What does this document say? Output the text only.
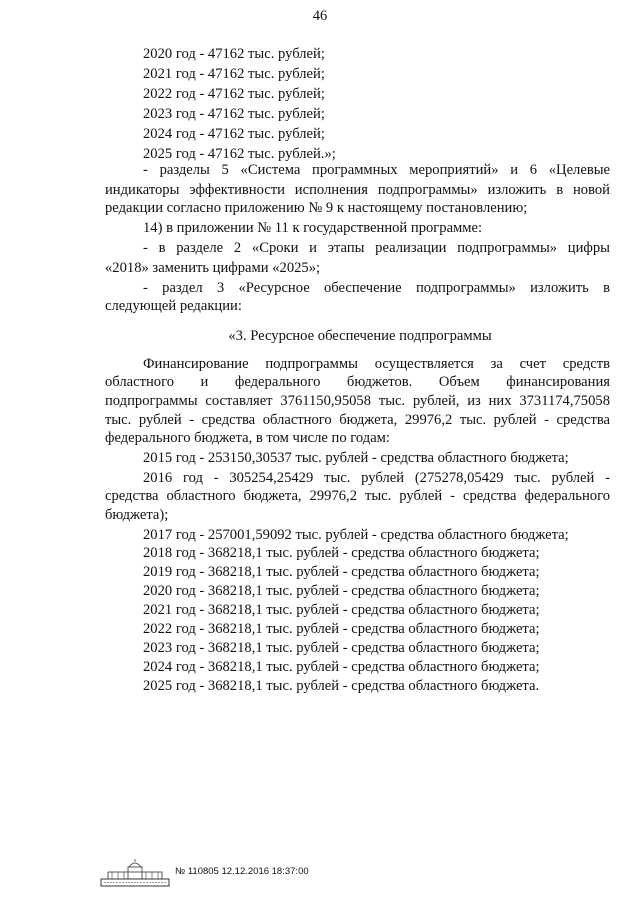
46
2020 год - 47162 тыс. рублей;
2021 год - 47162 тыс. рублей;
2022 год - 47162 тыс. рублей;
2023 год - 47162 тыс. рублей;
2024 год - 47162 тыс. рублей;
2025 год - 47162 тыс. рублей.»;
- разделы 5 «Система программных мероприятий» и 6 «Целевые
индикаторы эффективности исполнения подпрограммы» изложить в новой
редакции согласно приложению № 9 к настоящему постановлению;
14) в приложении № 11 к государственной программе:
- в разделе 2 «Сроки и этапы реализации подпрограммы» цифры
«2018» заменить цифрами «2025»;
- раздел 3 «Ресурсное обеспечение подпрограммы» изложить в
следующей редакции:
«3. Ресурсное обеспечение подпрограммы
Финансирование подпрограммы осуществляется за счет средств
областного и федерального бюджетов. Объем финансирования
подпрограммы составляет 3761150,95058 тыс. рублей, из них 3731174,75058
тыс. рублей - средства областного бюджета, 29976,2 тыс. рублей - средства
федерального бюджета, в том числе по годам:
2015 год - 253150,30537 тыс. рублей - средства областного бюджета;
2016 год - 305254,25429 тыс. рублей (275278,05429 тыс. рублей -
средства областного бюджета, 29976,2 тыс. рублей - средства федерального
бюджета);
2017 год - 257001,59092 тыс. рублей - средства областного бюджета;
2018 год - 368218,1 тыс. рублей - средства областного бюджета;
2019 год - 368218,1 тыс. рублей - средства областного бюджета;
2020 год - 368218,1 тыс. рублей - средства областного бюджета;
2021 год - 368218,1 тыс. рублей - средства областного бюджета;
2022 год - 368218,1 тыс. рублей - средства областного бюджета;
2023 год - 368218,1 тыс. рублей - средства областного бюджета;
2024 год - 368218,1 тыс. рублей - средства областного бюджета;
2025 год - 368218,1 тыс. рублей - средства областного бюджета.
№ 110805 12.12.2016 18:37:00
